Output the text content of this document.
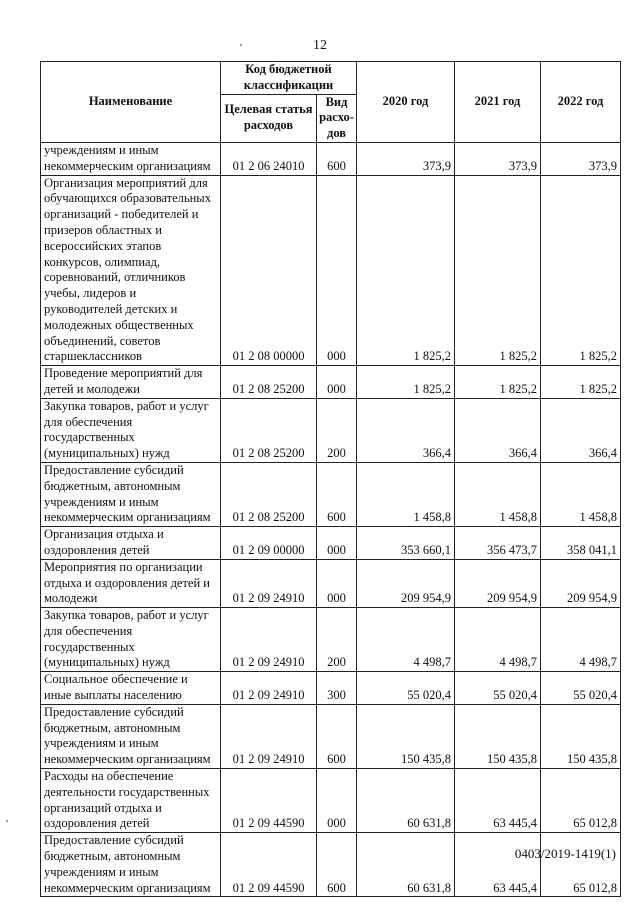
12
Наименование	Код бюджетной классификации		2020 год	2021 год	2022 год
	Целевая статья расходов	Вид расхо-дов			
учреждениям и иным некоммерческим организациям	01 2 06 24010	600	373,9	373,9	373,9
Организация мероприятий для обучающихся образовательных организаций - победителей и призеров областных и всероссийских этапов конкурсов, олимпиад, соревнований, отличников учебы, лидеров и руководителей детских и молодежных общественных объединений, советов старшеклассников	01 2 08 00000	000	1 825,2	1 825,2	1 825,2
Проведение мероприятий для детей и молодежи	01 2 08 25200	000	1 825,2	1 825,2	1 825,2
Закупка товаров, работ и услуг для обеспечения государственных (муниципальных) нужд	01 2 08 25200	200	366,4	366,4	366,4
Предоставление субсидий бюджетным, автономным учреждениям и иным некоммерческим организациям	01 2 08 25200	600	1 458,8	1 458,8	1 458,8
Организация отдыха и оздоровления детей	01 2 09 00000	000	353 660,1	356 473,7	358 041,1
Мероприятия по организации отдыха и оздоровления детей и молодежи	01 2 09 24910	000	209 954,9	209 954,9	209 954,9
Закупка товаров, работ и услуг для обеспечения государственных (муниципальных) нужд	01 2 09 24910	200	4 498,7	4 498,7	4 498,7
Социальное обеспечение и иные выплаты населению	01 2 09 24910	300	55 020,4	55 020,4	55 020,4
Предоставление субсидий бюджетным, автономным учреждениям и иным некоммерческим организациям	01 2 09 24910	600	150 435,8	150 435,8	150 435,8
Расходы на обеспечение деятельности государственных организаций отдыха и оздоровления детей	01 2 09 44590	000	60 631,8	63 445,4	65 012,8
Предоставление субсидий бюджетным, автономным учреждениям и иным некоммерческим организациям	01 2 09 44590	600	60 631,8	63 445,4	65 012,8
0403/2019-1419(1)
